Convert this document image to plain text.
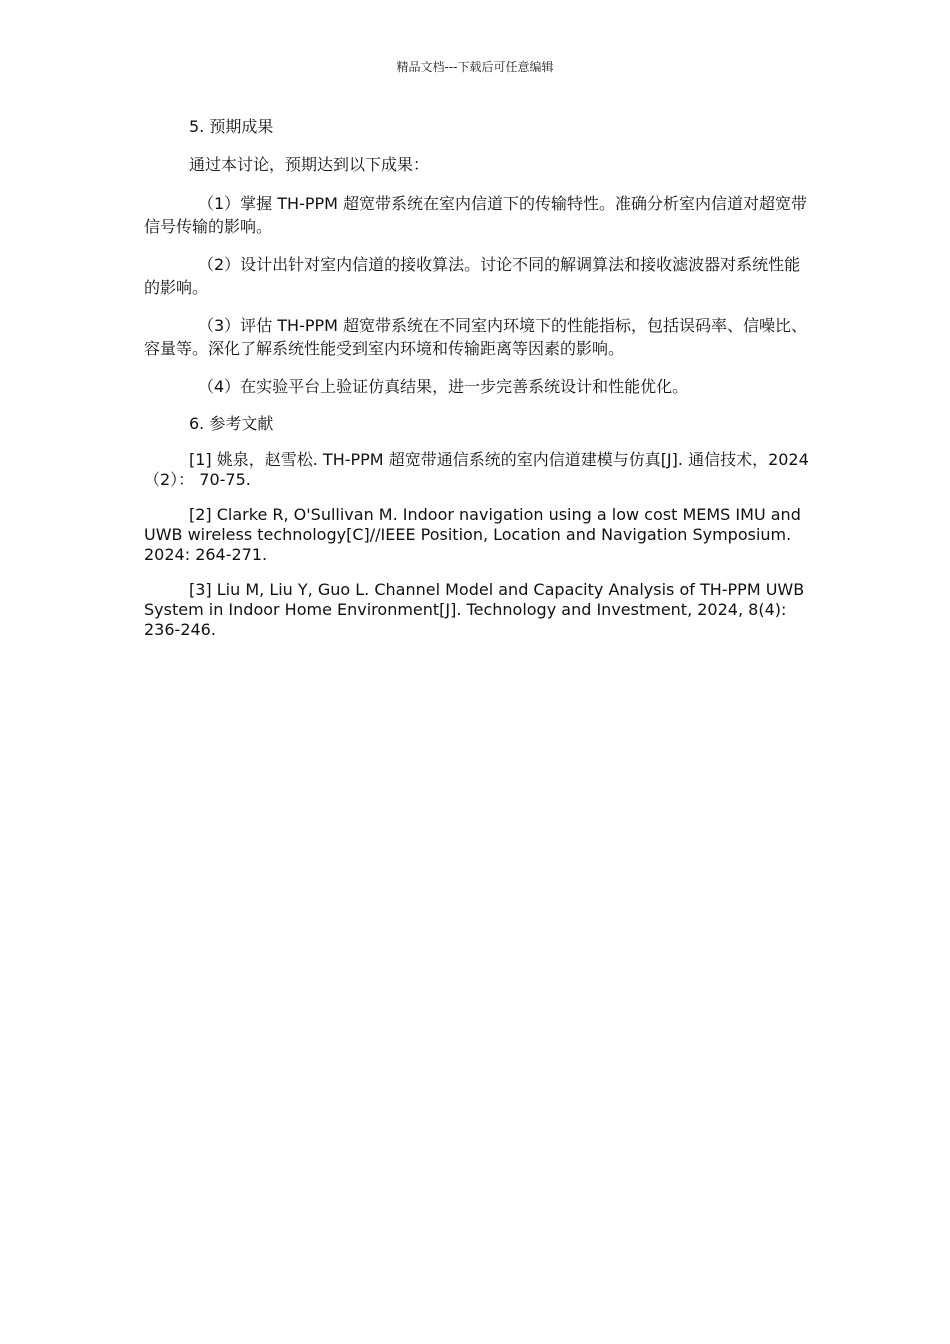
精品文档---下载后可任意编辑

5. 预期成果

通过本讨论，预期达到以下成果：

（1）掌握 TH-PPM 超宽带系统在室内信道下的传输特性。准确分析室内信道对超宽带信号传输的影响。

（2）设计出针对室内信道的接收算法。讨论不同的解调算法和接收滤波器对系统性能的影响。

（3）评估 TH-PPM 超宽带系统在不同室内环境下的性能指标，包括误码率、信噪比、容量等。深化了解系统性能受到室内环境和传输距离等因素的影响。

（4）在实验平台上验证仿真结果，进一步完善系统设计和性能优化。

6. 参考文献

[1] 姚泉，赵雪松. TH-PPM 超宽带通信系统的室内信道建模与仿真[J]. 通信技术，2024（2）： 70-75.

[2] Clarke R, O'Sullivan M. Indoor navigation using a low cost MEMS IMU and UWB wireless technology[C]//IEEE Position, Location and Navigation Symposium. 2024: 264-271.

[3] Liu M, Liu Y, Guo L. Channel Model and Capacity Analysis of TH-PPM UWB System in Indoor Home Environment[J]. Technology and Investment, 2024, 8(4): 236-246.
